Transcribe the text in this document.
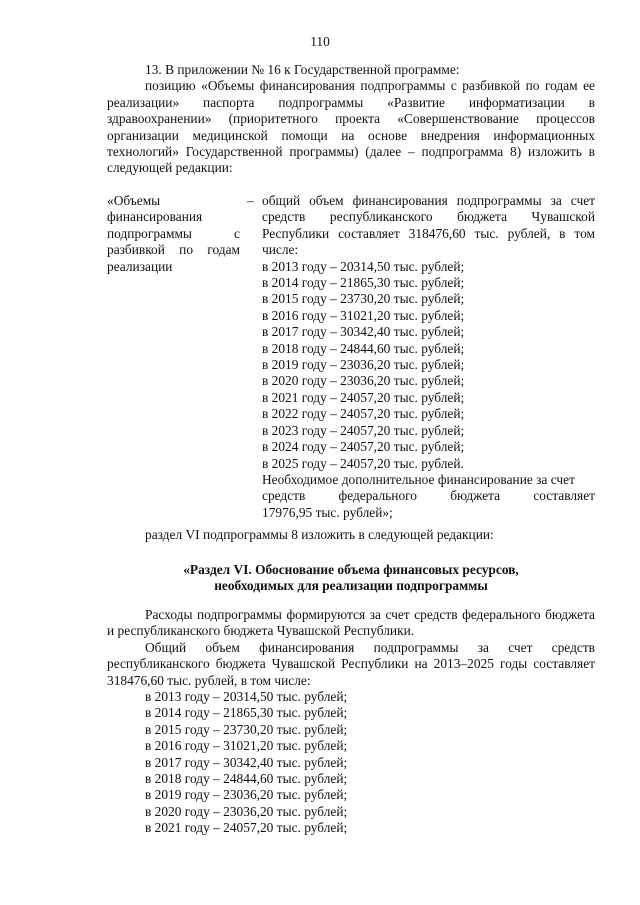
110

13. В приложении № 16 к Государственной программе:

позицию «Объемы финансирования подпрограммы с разбивкой по годам ее реализации» паспорта подпрограммы «Развитие информатизации в здравоохранении» (приоритетного проекта «Совершенствование процессов организации медицинской помощи на основе внедрения информационных технологий» Государственной программы) (далее – подпрограмма 8) изложить в следующей редакции:

«Объемы финансирования подпрограммы с разбивкой по годам реализации

– общий объем финансирования подпрограммы за счет средств республиканского бюджета Чувашской Республики составляет 318476,60 тыс. рублей, в том числе:

в 2013 году – 20314,50 тыс. рублей;
в 2014 году – 21865,30 тыс. рублей;
в 2015 году – 23730,20 тыс. рублей;
в 2016 году – 31021,20 тыс. рублей;
в 2017 году – 30342,40 тыс. рублей;
в 2018 году – 24844,60 тыс. рублей;
в 2019 году – 23036,20 тыс. рублей;
в 2020 году – 23036,20 тыс. рублей;
в 2021 году – 24057,20 тыс. рублей;
в 2022 году – 24057,20 тыс. рублей;
в 2023 году – 24057,20 тыс. рублей;
в 2024 году – 24057,20 тыс. рублей;
в 2025 году – 24057,20 тыс. рублей.
Необходимое дополнительное финансирование за счет
средств федерального бюджета составляет
17976,95 тыс. рублей»;

раздел VI подпрограммы 8 изложить в следующей редакции:

«Раздел VI. Обоснование объема финансовых ресурсов,
необходимых для реализации подпрограммы

Расходы подпрограммы формируются за счет средств федерального бюджета и республиканского бюджета Чувашской Республики.

Общий объем финансирования подпрограммы за счет средств республиканского бюджета Чувашской Республики на 2013–2025 годы составляет 318476,60 тыс. рублей, в том числе:

в 2013 году – 20314,50 тыс. рублей;
в 2014 году – 21865,30 тыс. рублей;
в 2015 году – 23730,20 тыс. рублей;
в 2016 году – 31021,20 тыс. рублей;
в 2017 году – 30342,40 тыс. рублей;
в 2018 году – 24844,60 тыс. рублей;
в 2019 году – 23036,20 тыс. рублей;
в 2020 году – 23036,20 тыс. рублей;
в 2021 году – 24057,20 тыс. рублей;
